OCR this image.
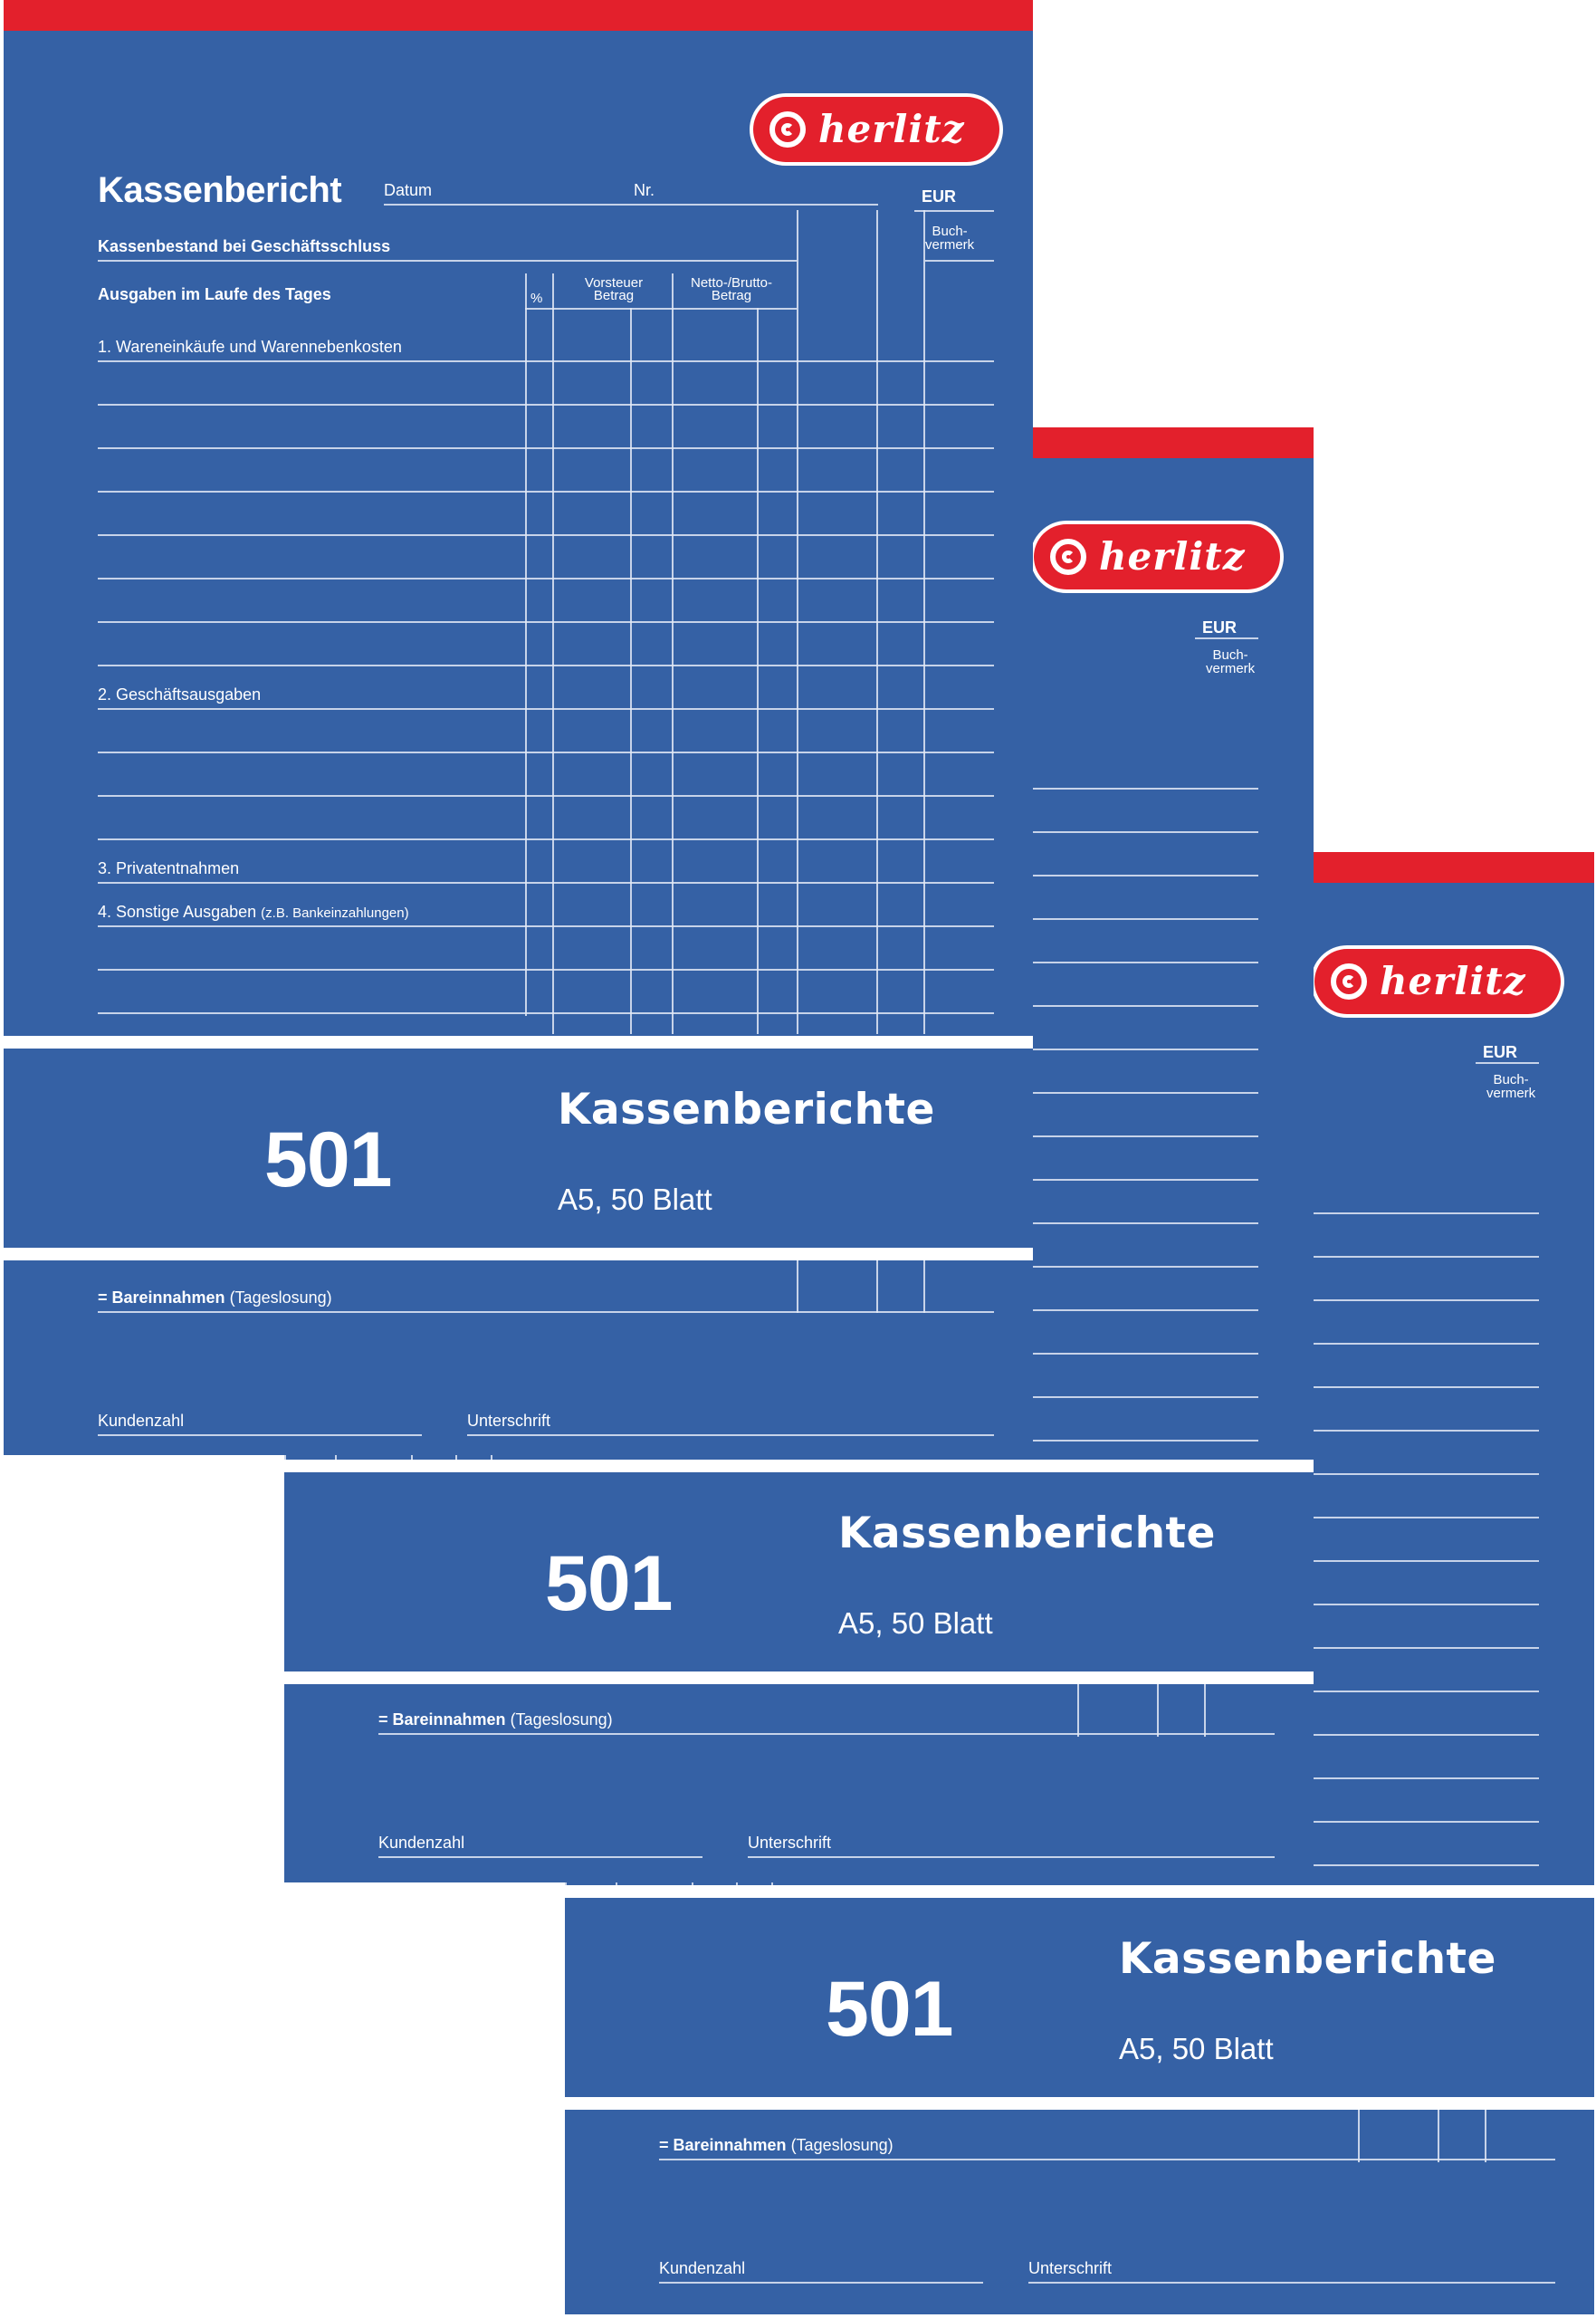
herlitz
EUR
Buch-
vermerk
herlitz
EUR
Buch-
vermerk
herlitz
Kassenbericht	Datum	Nr.	EUR
Kassenbestand bei Geschäftsschluss
Buch-
vermerk
Ausgaben im Laufe des Tages	%
Vorsteuer
Betrag
Netto-/Brutto-
Betrag
1. Wareneinkäufe und Warennebenkosten
2. Geschäftsausgaben
3. Privatentnahmen
4. Sonstige Ausgaben (z.B. Bankeinzahlungen)
501
Kassenberichte
A5, 50 Blatt
= Bareinnahmen (Tageslosung)
Kundenzahl	Unterschrift
501
Kassenberichte
A5, 50 Blatt
= Bareinnahmen (Tageslosung)
Kundenzahl	Unterschrift
501
Kassenberichte
A5, 50 Blatt
= Bareinnahmen (Tageslosung)
Kundenzahl	Unterschrift
